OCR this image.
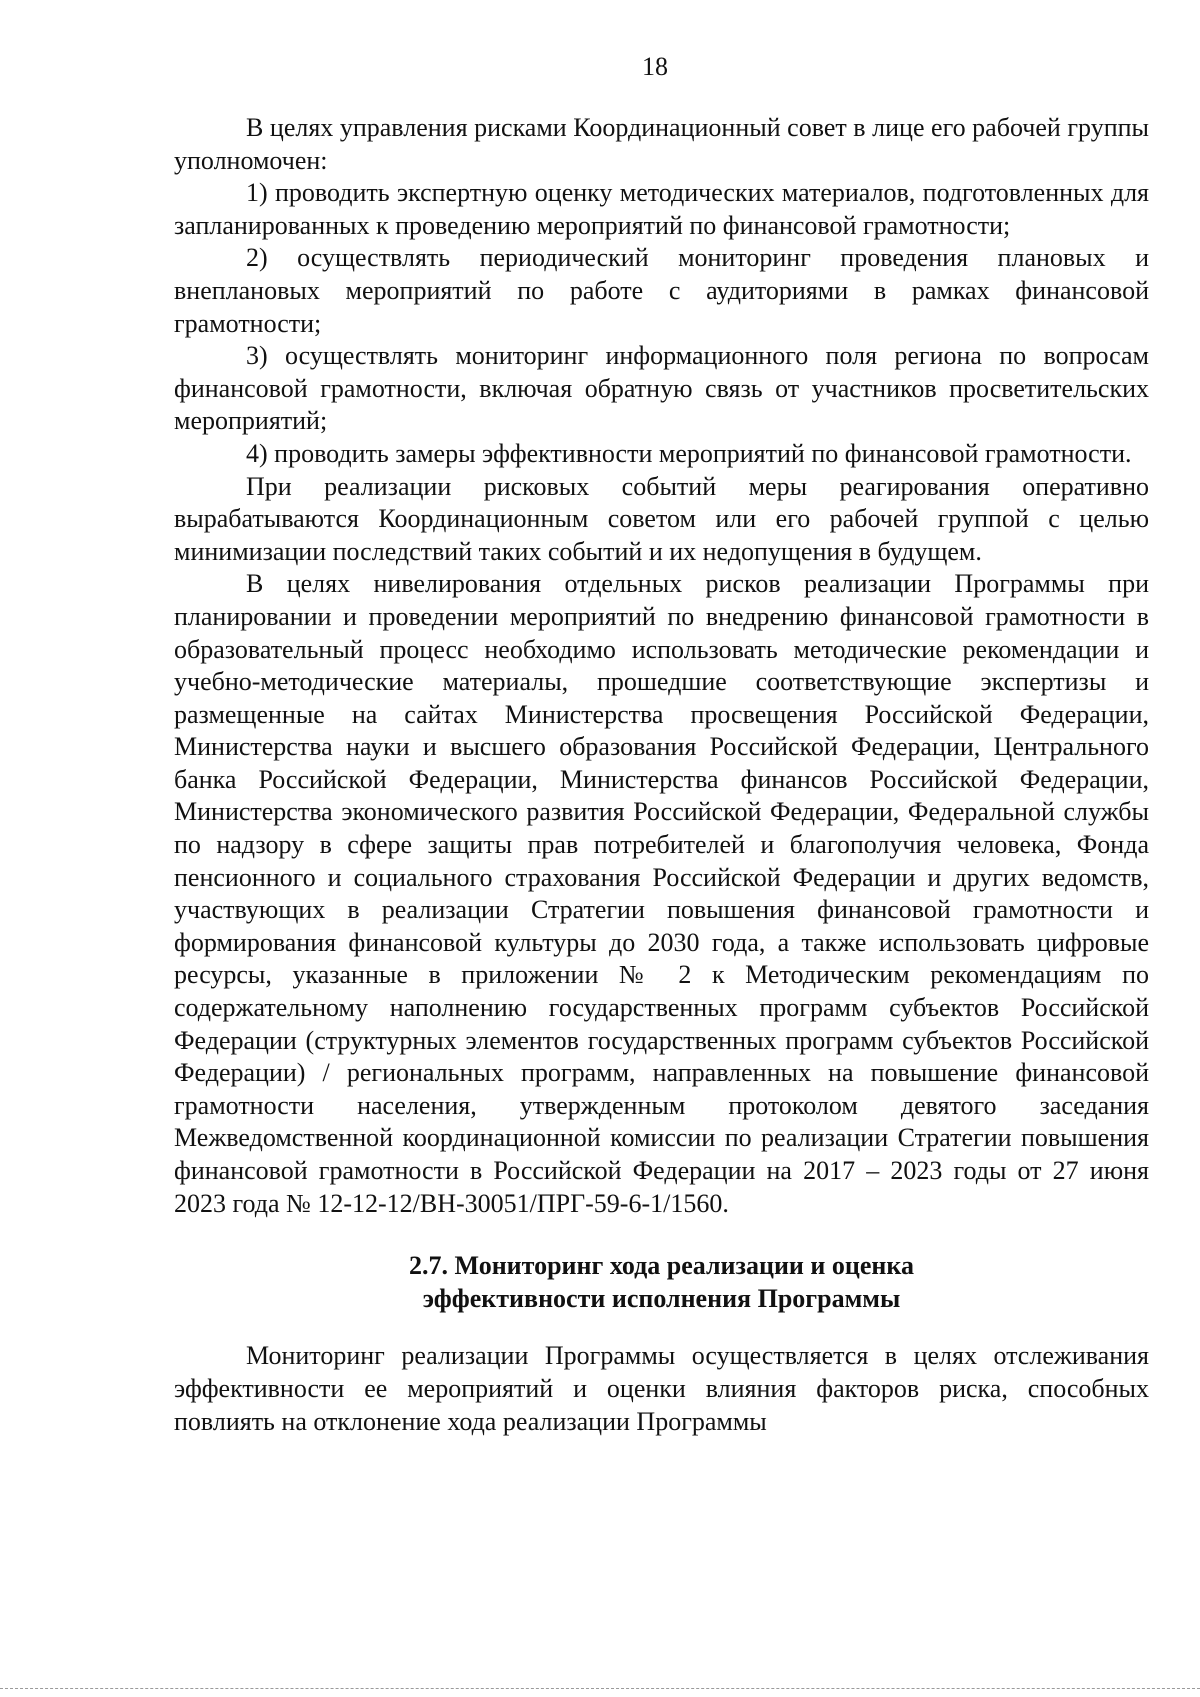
18

В целях управления рисками Координационный совет в лице его рабочей группы уполномочен:

1) проводить экспертную оценку методических материалов, подготовленных для запланированных к проведению мероприятий по финансовой грамотности;

2) осуществлять периодический мониторинг проведения плановых и внеплановых мероприятий по работе с аудиториями в рамках финансовой грамотности;

3) осуществлять мониторинг информационного поля региона по вопросам финансовой грамотности, включая обратную связь от участников просветительских мероприятий;

4) проводить замеры эффективности мероприятий по финансовой грамотности.

При реализации рисковых событий меры реагирования оперативно вырабатываются Координационным советом или его рабочей группой с целью минимизации последствий таких событий и их недопущения в будущем.

В целях нивелирования отдельных рисков реализации Программы при планировании и проведении мероприятий по внедрению финансовой грамотности в образовательный процесс необходимо использовать методические рекомендации и учебно-методические материалы, прошедшие соответствующие экспертизы и размещенные на сайтах Министерства просвещения Российской Федерации, Министерства науки и высшего образования Российской Федерации, Центрального банка Российской Федерации, Министерства финансов Российской Федерации, Министерства экономического развития Российской Федерации, Федеральной службы по надзору в сфере защиты прав потребителей и благополучия человека, Фонда пенсионного и социального страхования Российской Федерации и других ведомств, участвующих в реализации Стратегии повышения финансовой грамотности и формирования финансовой культуры до 2030 года, а также использовать цифровые ресурсы, указанные в приложении № 2 к Методическим рекомендациям по содержательному наполнению государственных программ субъектов Российской Федерации (структурных элементов государственных программ субъектов Российской Федерации) / региональных программ, направленных на повышение финансовой грамотности населения, утвержденным протоколом девятого заседания Межведомственной координационной комиссии по реализации Стратегии повышения финансовой грамотности в Российской Федерации на 2017 – 2023 годы от 27 июня 2023 года № 12-12-12/ВН-30051/ПРГ-59-6-1/1560.

2.7. Мониторинг хода реализации и оценка
эффективности исполнения Программы

Мониторинг реализации Программы осуществляется в целях отслеживания эффективности ее мероприятий и оценки влияния факторов риска, способных повлиять на отклонение хода реализации Программы
